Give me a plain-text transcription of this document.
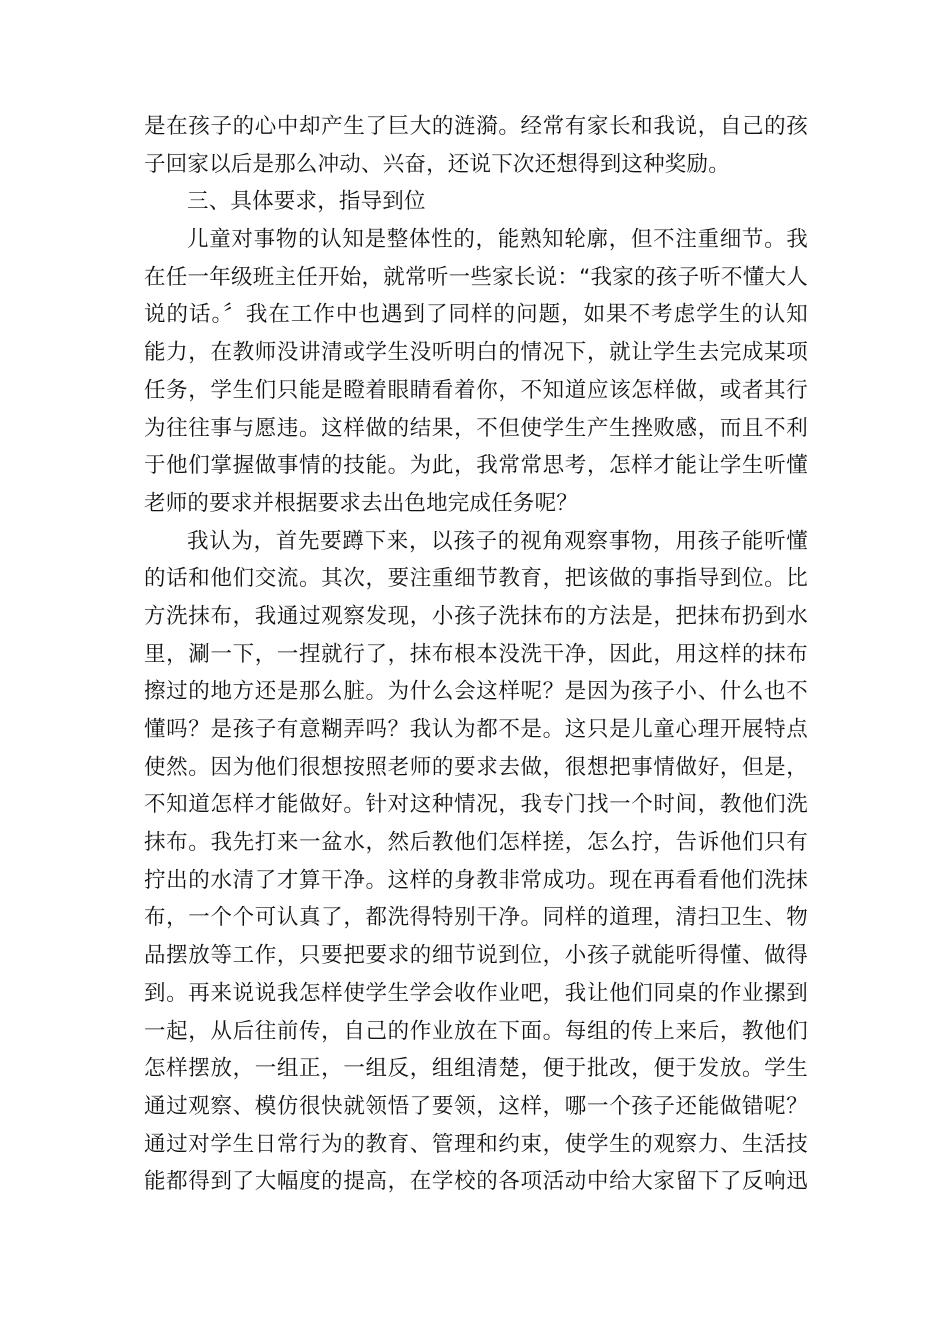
是在孩子的心中却产生了巨大的涟漪。经常有家长和我说，自己的孩
子回家以后是那么冲动、兴奋，还说下次还想得到这种奖励。
三、具体要求，指导到位
儿童对事物的认知是整体性的，能熟知轮廓，但不注重细节。我
在任一年级班主任开始，就常听一些家长说：“我家的孩子听不懂大人
说的话。〞我在工作中也遇到了同样的问题，如果不考虑学生的认知
能力，在教师没讲清或学生没听明白的情况下，就让学生去完成某项
任务，学生们只能是瞪着眼睛看着你，不知道应该怎样做，或者其行
为往往事与愿违。这样做的结果，不但使学生产生挫败感，而且不利
于他们掌握做事情的技能。为此，我常常思考，怎样才能让学生听懂
老师的要求并根据要求去出色地完成任务呢？
我认为，首先要蹲下来，以孩子的视角观察事物，用孩子能听懂
的话和他们交流。其次，要注重细节教育，把该做的事指导到位。比
方洗抹布，我通过观察发现，小孩子洗抹布的方法是，把抹布扔到水
里，涮一下，一捏就行了，抹布根本没洗干净，因此，用这样的抹布
擦过的地方还是那么脏。为什么会这样呢？是因为孩子小、什么也不
懂吗？是孩子有意糊弄吗？我认为都不是。这只是儿童心理开展特点
使然。因为他们很想按照老师的要求去做，很想把事情做好，但是，
不知道怎样才能做好。针对这种情况，我专门找一个时间，教他们洗
抹布。我先打来一盆水，然后教他们怎样搓，怎么拧，告诉他们只有
拧出的水清了才算干净。这样的身教非常成功。现在再看看他们洗抹
布，一个个可认真了，都洗得特别干净。同样的道理，清扫卫生、物
品摆放等工作，只要把要求的细节说到位，小孩子就能听得懂、做得
到。再来说说我怎样使学生学会收作业吧，我让他们同桌的作业摞到
一起，从后往前传，自己的作业放在下面。每组的传上来后，教他们
怎样摆放，一组正，一组反，组组清楚，便于批改，便于发放。学生
通过观察、模仿很快就领悟了要领，这样，哪一个孩子还能做错呢？
通过对学生日常行为的教育、管理和约束，使学生的观察力、生活技
能都得到了大幅度的提高，在学校的各项活动中给大家留下了反响迅
